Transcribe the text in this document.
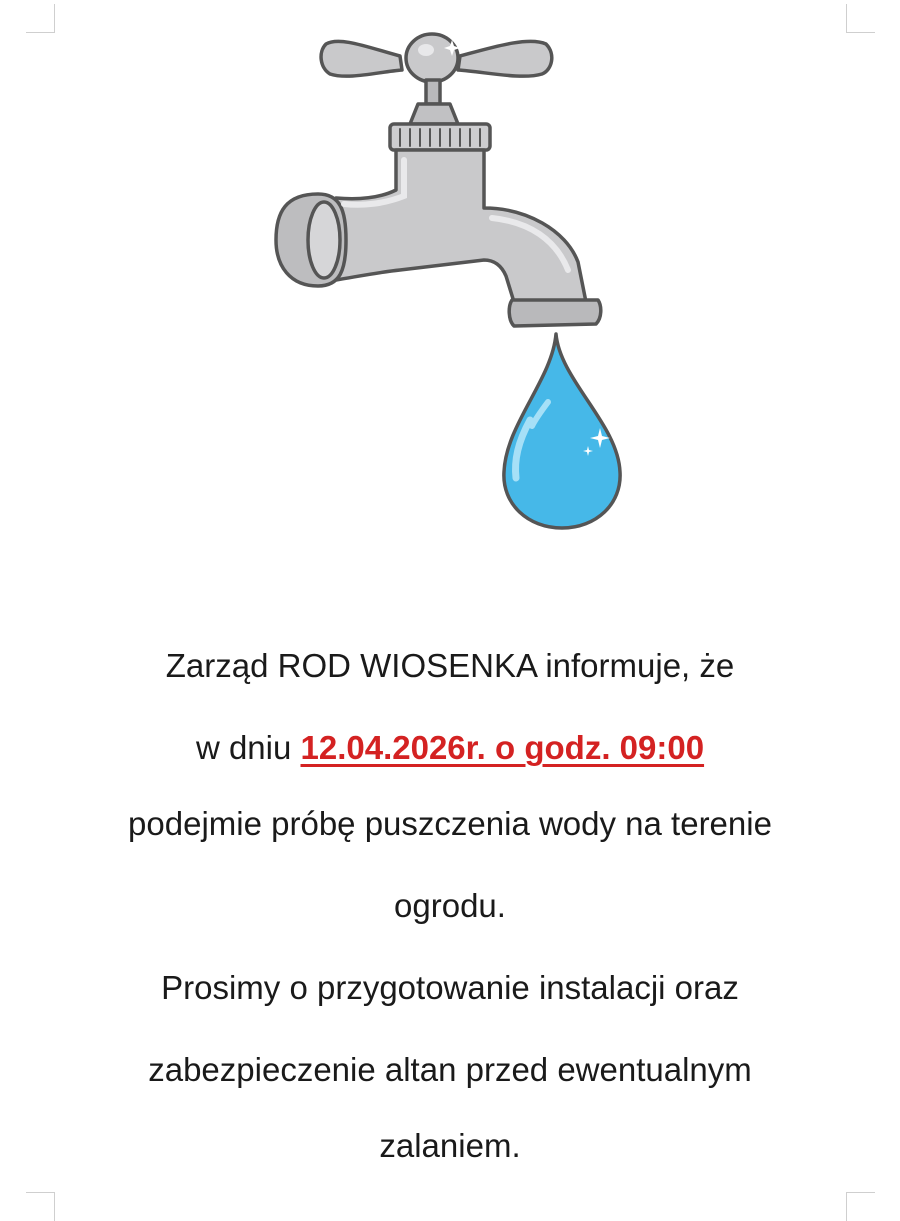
Zarząd ROD WIOSENKA informuje, że
w dniu 12.04.2026r. o godz. 09:00
podejmie próbę puszczenia wody na terenie
ogrodu.
Prosimy o przygotowanie instalacji oraz
zabezpieczenie altan przed ewentualnym
zalaniem.
